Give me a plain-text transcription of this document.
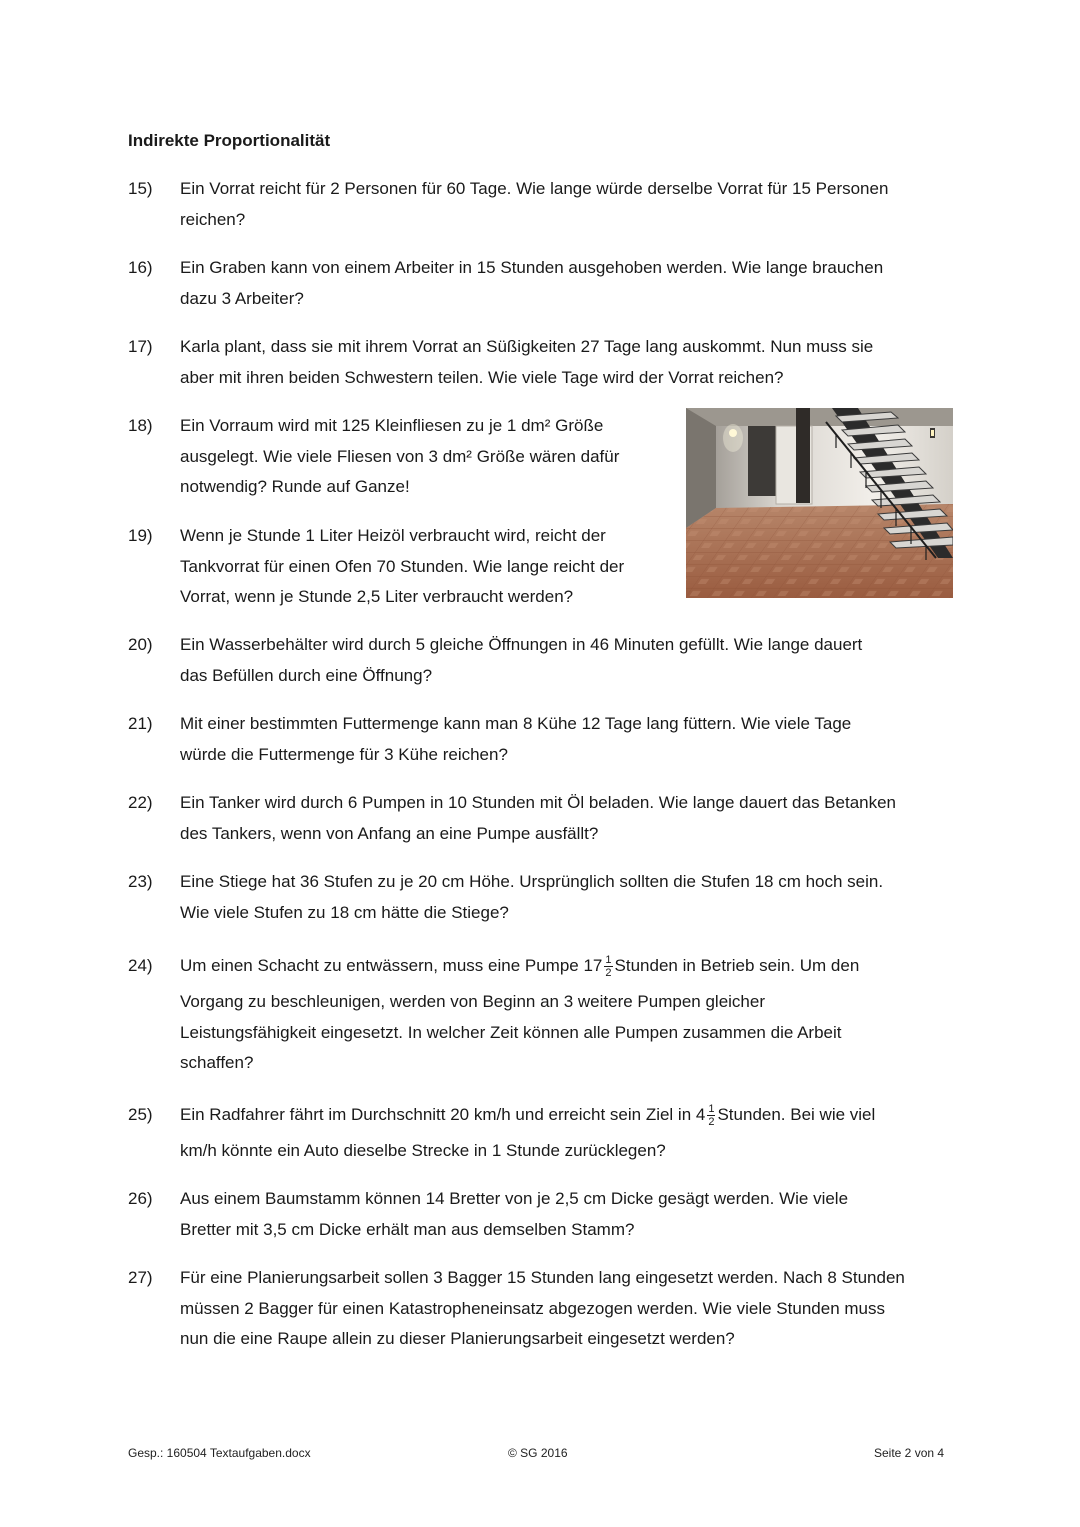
Indirekte Proportionalität
15)	Ein Vorrat reicht für 2 Personen für 60 Tage. Wie lange würde derselbe Vorrat für 15 Personen
reichen?
16)	Ein Graben kann von einem Arbeiter in 15 Stunden ausgehoben werden. Wie lange brauchen
dazu 3 Arbeiter?
17)	Karla plant, dass sie mit ihrem Vorrat an Süßigkeiten 27 Tage lang auskommt. Nun muss sie
aber mit ihren beiden Schwestern teilen. Wie viele Tage wird der Vorrat reichen?
18)	Ein Vorraum wird mit 125 Kleinfliesen zu je 1 dm² Größe
ausgelegt. Wie viele Fliesen von 3 dm² Größe wären dafür
notwendig? Runde auf Ganze!
19)	Wenn je Stunde 1 Liter Heizöl verbraucht wird, reicht der
Tankvorrat für einen Ofen 70 Stunden. Wie lange reicht der
Vorrat, wenn je Stunde 2,5 Liter verbraucht werden?
20)	Ein Wasserbehälter wird durch 5 gleiche Öffnungen in 46 Minuten gefüllt. Wie lange dauert
das Befüllen durch eine Öffnung?
21)	Mit einer bestimmten Futtermenge kann man 8 Kühe 12 Tage lang füttern. Wie viele Tage
würde die Futtermenge für 3 Kühe reichen?
22)	Ein Tanker wird durch 6 Pumpen in 10 Stunden mit Öl beladen. Wie lange dauert das Betanken
des Tankers, wenn von Anfang an eine Pumpe ausfällt?
23)	Eine Stiege hat 36 Stufen zu je 20 cm Höhe. Ursprünglich sollten die Stufen 18 cm hoch sein.
Wie viele Stufen zu 18 cm hätte die Stiege?
24)	Um einen Schacht zu entwässern, muss eine Pumpe $17 \frac{1}{2}$ Stunden in Betrieb sein. Um den
Vorgang zu beschleunigen, werden von Beginn an 3 weitere Pumpen gleicher
Leistungsfähigkeit eingesetzt. In welcher Zeit können alle Pumpen zusammen die Arbeit
schaffen?
25)	Ein Radfahrer fährt im Durchschnitt 20 km/h und erreicht sein Ziel in $4 \frac{1}{2}$ Stunden. Bei wie viel
km/h könnte ein Auto dieselbe Strecke in 1 Stunde zurücklegen?
26)	Aus einem Baumstamm können 14 Bretter von je 2,5 cm Dicke gesägt werden. Wie viele
Bretter mit 3,5 cm Dicke erhält man aus demselben Stamm?
27)	Für eine Planierungsarbeit sollen 3 Bagger 15 Stunden lang eingesetzt werden. Nach 8 Stunden
müssen 2 Bagger für einen Katastropheneinsatz abgezogen werden. Wie viele Stunden muss
nun die eine Raupe allein zu dieser Planierungsarbeit eingesetzt werden?
Gesp.: 160504 Textaufgaben.docx	© SG 2016	Seite 2 von 4
